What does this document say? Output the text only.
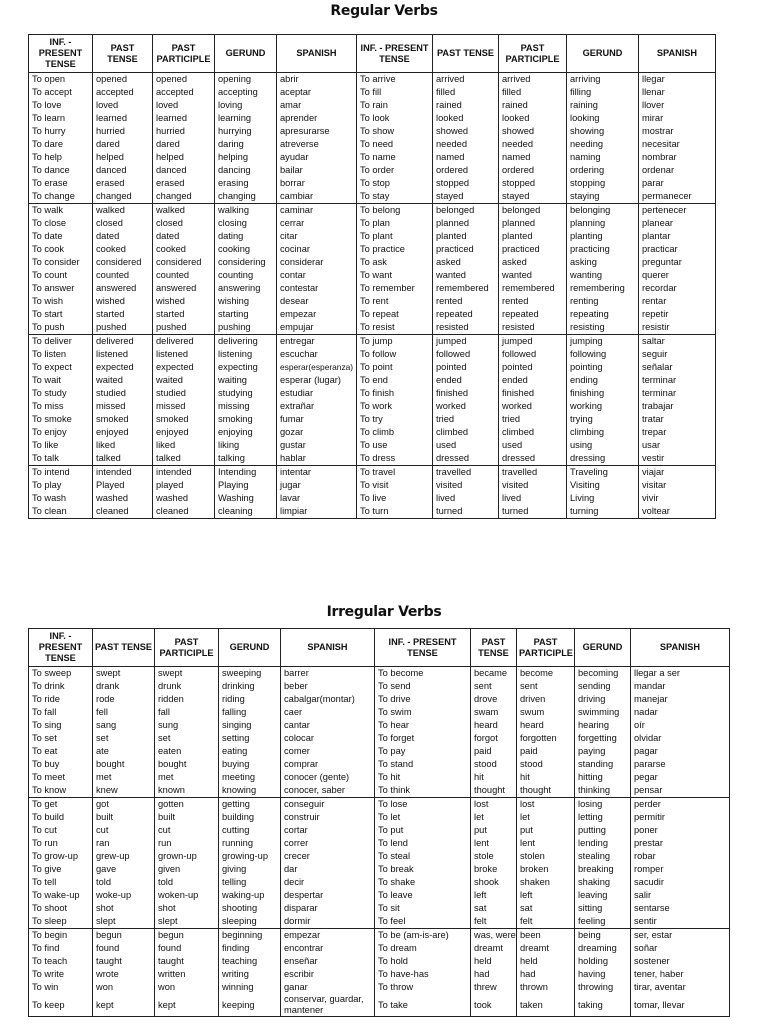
Regular Verbs
INF. - PRESENT TENSE	PAST TENSE	PAST PARTICIPLE	GERUND	SPANISH	INF. - PRESENT TENSE	PAST TENSE	PAST PARTICIPLE	GERUND	SPANISH
To open	opened	opened	opening	abrir	To arrive	arrived	arrived	arriving	llegar
To accept	accepted	accepted	accepting	aceptar	To fill	filled	filled	filling	llenar
To love	loved	loved	loving	amar	To rain	rained	rained	raining	llover
To learn	learned	learned	learning	aprender	To look	looked	looked	looking	mirar
To hurry	hurried	hurried	hurrying	apresurarse	To show	showed	showed	showing	mostrar
To dare	dared	dared	daring	atreverse	To need	needed	needed	needing	necesitar
To help	helped	helped	helping	ayudar	To name	named	named	naming	nombrar
To dance	danced	danced	dancing	bailar	To order	ordered	ordered	ordering	ordenar
To erase	erased	erased	erasing	borrar	To stop	stopped	stopped	stopping	parar
To change	changed	changed	changing	cambiar	To stay	stayed	stayed	staying	permanecer
To walk	walked	walked	walking	caminar	To belong	belonged	belonged	belonging	pertenecer
To close	closed	closed	closing	cerrar	To plan	planned	planned	planning	planear
To date	dated	dated	dating	citar	To plant	planted	planted	planting	plantar
To cook	cooked	cooked	cooking	cocinar	To practice	practiced	practiced	practicing	practicar
To consider	considered	considered	considering	considerar	To ask	asked	asked	asking	preguntar
To count	counted	counted	counting	contar	To want	wanted	wanted	wanting	querer
To answer	answered	answered	answering	contestar	To remember	remembered	remembered	remembering	recordar
To wish	wished	wished	wishing	desear	To rent	rented	rented	renting	rentar
To start	started	started	starting	empezar	To repeat	repeated	repeated	repeating	repetir
To push	pushed	pushed	pushing	empujar	To resist	resisted	resisted	resisting	resistir
To deliver	delivered	delivered	delivering	entregar	To jump	jumped	jumped	jumping	saltar
To listen	listened	listened	listening	escuchar	To follow	followed	followed	following	seguir
To expect	expected	expected	expecting	esperar(esperanza)	To point	pointed	pointed	pointing	señalar
To wait	waited	waited	waiting	esperar (lugar)	To end	ended	ended	ending	terminar
To study	studied	studied	studying	estudiar	To finish	finished	finished	finishing	terminar
To miss	missed	missed	missing	extrañar	To work	worked	worked	working	trabajar
To smoke	smoked	smoked	smoking	fumar	To try	tried	tried	trying	tratar
To enjoy	enjoyed	enjoyed	enjoying	gozar	To climb	climbed	climbed	climbing	trepar
To like	liked	liked	liking	gustar	To use	used	used	using	usar
To talk	talked	talked	talking	hablar	To dress	dressed	dressed	dressing	vestir
To intend	intended	intended	Intending	intentar	To travel	travelled	travelled	Traveling	viajar
To play	Played	played	Playing	jugar	To visit	visited	visited	Visiting	visitar
To wash	washed	washed	Washing	lavar	To live	lived	lived	Living	vivir
To clean	cleaned	cleaned	cleaning	limpiar	To turn	turned	turned	turning	voltear
Irregular Verbs
INF. - PRESENT TENSE	PAST TENSE	PAST PARTICIPLE	GERUND	SPANISH	INF. - PRESENT TENSE	PAST TENSE	PAST PARTICIPLE	GERUND	SPANISH
To sweep	swept	swept	sweeping	barrer	To become	became	become	becoming	llegar a ser
To drink	drank	drunk	drinking	beber	To send	sent	sent	sending	mandar
To ride	rode	ridden	riding	cabalgar(montar)	To drive	drove	driven	driving	manejar
To fall	fell	fall	falling	caer	To swim	swam	swum	swimming	nadar
To sing	sang	sung	singing	cantar	To hear	heard	heard	hearing	oír
To set	set	set	setting	colocar	To forget	forgot	forgotten	forgetting	olvidar
To eat	ate	eaten	eating	comer	To pay	paid	paid	paying	pagar
To buy	bought	bought	buying	comprar	To stand	stood	stood	standing	pararse
To meet	met	met	meeting	conocer (gente)	To hit	hit	hit	hitting	pegar
To know	knew	known	knowing	conocer, saber	To think	thought	thought	thinking	pensar
To get	got	gotten	getting	conseguir	To lose	lost	lost	losing	perder
To build	built	built	building	construir	To let	let	let	letting	permitir
To cut	cut	cut	cutting	cortar	To put	put	put	putting	poner
To run	ran	run	running	correr	To lend	lent	lent	lending	prestar
To grow-up	grew-up	grown-up	growing-up	crecer	To steal	stole	stolen	stealing	robar
To give	gave	given	giving	dar	To break	broke	broken	breaking	romper
To tell	told	told	telling	decir	To shake	shook	shaken	shaking	sacudir
To wake-up	woke-up	woken-up	waking-up	despertar	To leave	left	left	leaving	salir
To shoot	shot	shot	shooting	disparar	To sit	sat	sat	sitting	sentarse
To sleep	slept	slept	sleeping	dormir	To feel	felt	felt	feeling	sentir
To begin	begun	begun	beginning	empezar	To be (am-is-are)	was, were	been	being	ser, estar
To find	found	found	finding	encontrar	To dream	dreamt	dreamt	dreaming	soñar
To teach	taught	taught	teaching	enseñar	To hold	held	held	holding	sostener
To write	wrote	written	writing	escribir	To have-has	had	had	having	tener, haber
To win	won	won	winning	ganar	To throw	threw	thrown	throwing	tirar, aventar
To keep	kept	kept	keeping	conservar, guardar, mantener	To take	took	taken	taking	tomar, llevar
